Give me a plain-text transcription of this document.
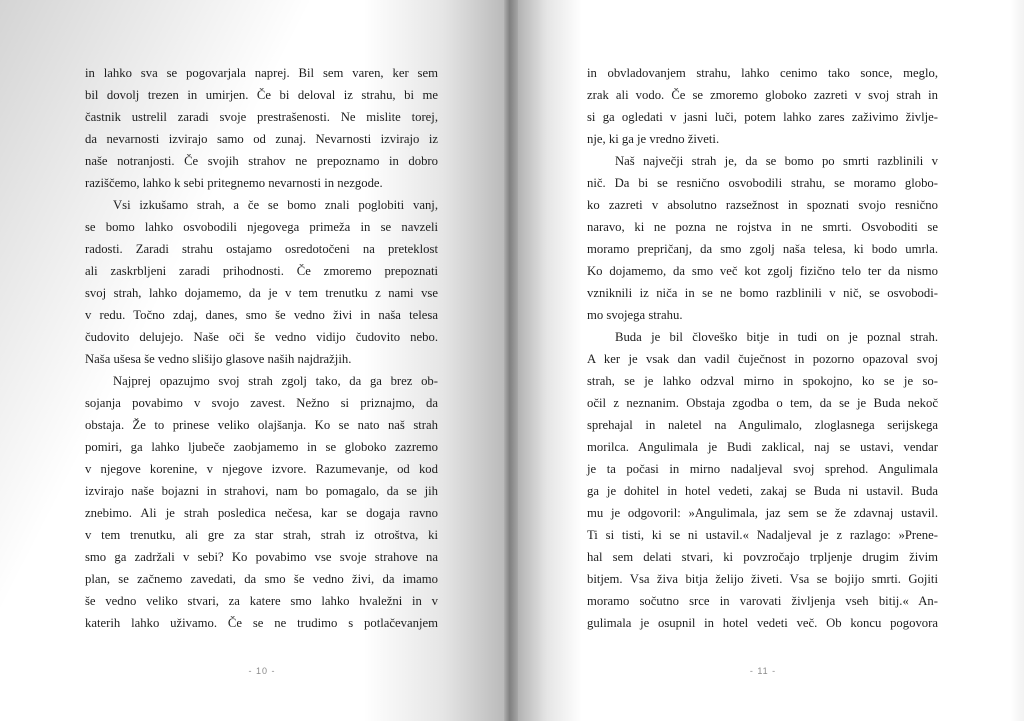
in lahko sva se pogovarjala naprej. Bil sem varen, ker sem
bil dovolj trezen in umirjen. Če bi deloval iz strahu, bi me
častnik ustrelil zaradi svoje prestrašenosti. Ne mislite torej,
da nevarnosti izvirajo samo od zunaj. Nevarnosti izvirajo iz
naše notranjosti. Če svojih strahov ne prepoznamo in dobro
raziščemo, lahko k sebi pritegnemo nevarnosti in nezgode.
Vsi izkušamo strah, a če se bomo znali poglobiti vanj,
se bomo lahko osvobodili njegovega primeža in se navzeli
radosti. Zaradi strahu ostajamo osredotočeni na preteklost
ali zaskrbljeni zaradi prihodnosti. Če zmoremo prepoznati
svoj strah, lahko dojamemo, da je v tem trenutku z nami vse
v redu. Točno zdaj, danes, smo še vedno živi in naša telesa
čudovito delujejo. Naše oči še vedno vidijo čudovito nebo.
Naša ušesa še vedno slišijo glasove naših najdražjih.
Najprej opazujmo svoj strah zgolj tako, da ga brez ob-
sojanja povabimo v svojo zavest. Nežno si priznajmo, da
obstaja. Že to prinese veliko olajšanja. Ko se nato naš strah
pomiri, ga lahko ljubeče zaobjamemo in se globoko zazremo
v njegove korenine, v njegove izvore. Razumevanje, od kod
izvirajo naše bojazni in strahovi, nam bo pomagalo, da se jih
znebimo. Ali je strah posledica nečesa, kar se dogaja ravno
v tem trenutku, ali gre za star strah, strah iz otroštva, ki
smo ga zadržali v sebi? Ko povabimo vse svoje strahove na
plan, se začnemo zavedati, da smo še vedno živi, da imamo
še vedno veliko stvari, za katere smo lahko hvaležni in v
katerih lahko uživamo. Če se ne trudimo s potlačevanjem
in obvladovanjem strahu, lahko cenimo tako sonce, meglo,
zrak ali vodo. Če se zmoremo globoko zazreti v svoj strah in
si ga ogledati v jasni luči, potem lahko zares zaživimo življe-
nje, ki ga je vredno živeti.
Naš največji strah je, da se bomo po smrti razblinili v
nič. Da bi se resnično osvobodili strahu, se moramo globo-
ko zazreti v absolutno razsežnost in spoznati svojo resnično
naravo, ki ne pozna ne rojstva in ne smrti. Osvoboditi se
moramo prepričanj, da smo zgolj naša telesa, ki bodo umrla.
Ko dojamemo, da smo več kot zgolj fizično telo ter da nismo
vzniknili iz niča in se ne bomo razblinili v nič, se osvobodi-
mo svojega strahu.
Buda je bil človeško bitje in tudi on je poznal strah.
A ker je vsak dan vadil čuječnost in pozorno opazoval svoj
strah, se je lahko odzval mirno in spokojno, ko se je so-
očil z neznanim. Obstaja zgodba o tem, da se je Buda nekoč
sprehajal in naletel na Angulimalo, zloglasnega serijskega
morilca. Angulimala je Budi zaklical, naj se ustavi, vendar
je ta počasi in mirno nadaljeval svoj sprehod. Angulimala
ga je dohitel in hotel vedeti, zakaj se Buda ni ustavil. Buda
mu je odgovoril: »Angulimala, jaz sem se že zdavnaj ustavil.
Ti si tisti, ki se ni ustavil.« Nadaljeval je z razlago: »Prene-
hal sem delati stvari, ki povzročajo trpljenje drugim živim
bitjem. Vsa živa bitja želijo živeti. Vsa se bojijo smrti. Gojiti
moramo sočutno srce in varovati življenja vseh bitij.« An-
gulimala je osupnil in hotel vedeti več. Ob koncu pogovora
- 10 -	- 11 -
